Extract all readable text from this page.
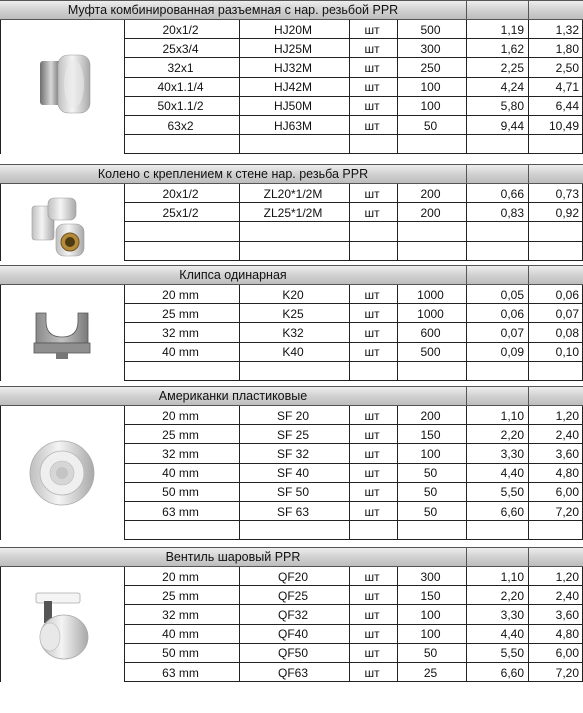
Муфта комбинированная разъемная с нар. резьбой PPR
20x1/2	HJ20M	шт	500	1,19	1,32
25x3/4	HJ25M	шт	300	1,62	1,80
32x1	HJ32M	шт	250	2,25	2,50
40x1.1/4	HJ42M	шт	100	4,24	4,71
50x1.1/2	HJ50M	шт	100	5,80	6,44
63x2	HJ63M	шт	50	9,44	10,49
Колено с креплением к стене нар. резьба PPR
20x1/2	ZL20*1/2M	шт	200	0,66	0,73
25x1/2	ZL25*1/2M	шт	200	0,83	0,92
Клипса одинарная
20 mm	K20	шт	1000	0,05	0,06
25 mm	K25	шт	1000	0,06	0,07
32 mm	K32	шт	600	0,07	0,08
40 mm	K40	шт	500	0,09	0,10
Американки пластиковые
20 mm	SF 20	шт	200	1,10	1,20
25 mm	SF 25	шт	150	2,20	2,40
32 mm	SF 32	шт	100	3,30	3,60
40 mm	SF 40	шт	50	4,40	4,80
50 mm	SF 50	шт	50	5,50	6,00
63 mm	SF 63	шт	50	6,60	7,20
Вентиль шаровый PPR
20 mm	QF20	шт	300	1,10	1,20
25 mm	QF25	шт	150	2,20	2,40
32 mm	QF32	шт	100	3,30	3,60
40 mm	QF40	шт	100	4,40	4,80
50 mm	QF50	шт	50	5,50	6,00
63 mm	QF63	шт	25	6,60	7,20
